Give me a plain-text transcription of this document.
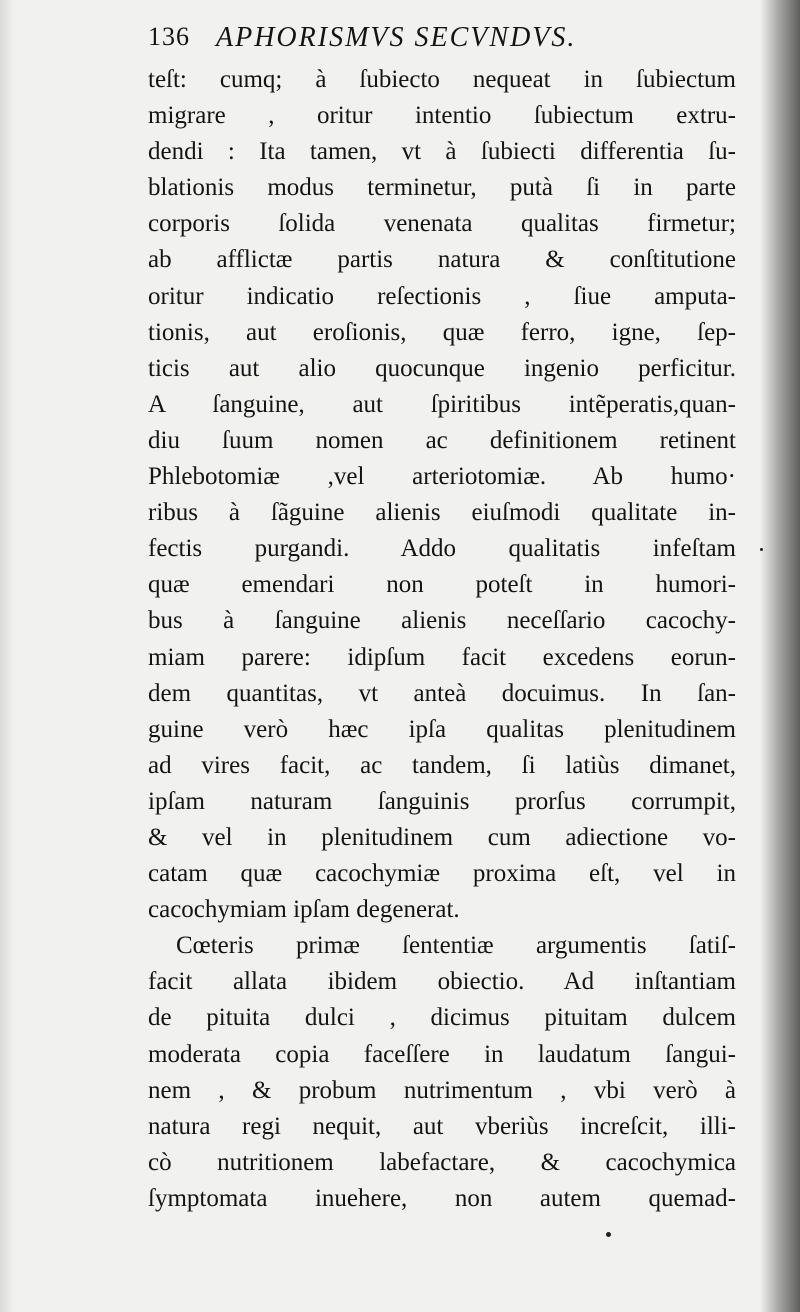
136 APHORISMVS SECVNDVS.
teſt: cumq; à ſubiecto nequeat in ſubiectum
migrare , oritur intentio ſubiectum extru-
dendi : Ita tamen, vt à ſubiecti differentia ſu-
blationis modus terminetur, putà ſi in parte
corporis ſolida venenata qualitas firmetur;
ab afflictæ partis natura & conſtitutione
oritur indicatio reſectionis , ſiue amputa-
tionis, aut eroſionis, quæ ferro, igne, ſep-
ticis aut alio quocunque ingenio perficitur.
A ſanguine, aut ſpiritibus intẽperatis,quan-
diu ſuum nomen ac definitionem retinent
Phlebotomiæ ,vel arteriotomiæ. Ab humo·
ribus à ſãguine alienis eiuſmodi qualitate in-
fectis purgandi. Addo qualitatis infeſtam
quæ emendari non poteſt in humori-
bus à ſanguine alienis neceſſario cacochy-
miam parere: idipſum facit excedens eorun-
dem quantitas, vt anteà docuimus. In ſan-
guine verò hæc ipſa qualitas plenitudinem
ad vires facit, ac tandem, ſi latiùs dimanet,
ipſam naturam ſanguinis prorſus corrumpit,
& vel in plenitudinem cum adiectione vo-
catam quæ cacochymiæ proxima eſt, vel in
cacochymiam ipſam degenerat.
Cœteris primæ ſententiæ argumentis ſatiſ-
facit allata ibidem obiectio. Ad inſtantiam
de pituita dulci , dicimus pituitam dulcem
moderata copia faceſſere in laudatum ſangui-
nem , & probum nutrimentum , vbi verò à
natura regi nequit, aut vberiùs increſcit, illi-
cò nutritionem labefactare, & cacochymica
ſymptomata inuehere, non autem quemad-
